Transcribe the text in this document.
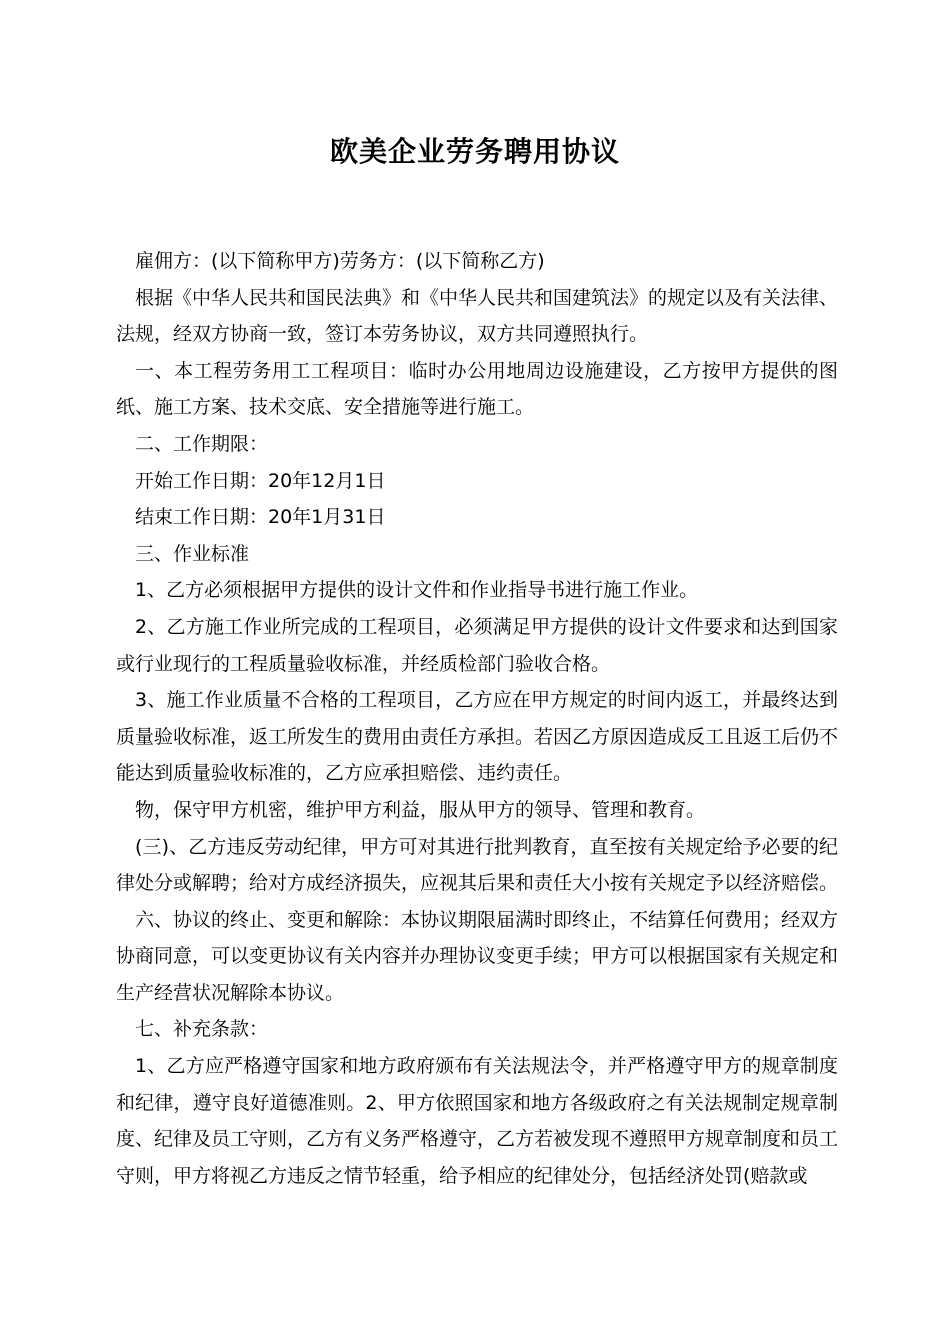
欧美企业劳务聘用协议

雇佣方：(以下简称甲方)劳务方：(以下简称乙方)

根据《中华人民共和国民法典》和《中华人民共和国建筑法》的规定以及有关法律、法规，经双方协商一致，签订本劳务协议，双方共同遵照执行。

一、本工程劳务用工工程项目：临时办公用地周边设施建设，乙方按甲方提供的图纸、施工方案、技术交底、安全措施等进行施工。

二、工作期限：

开始工作日期：20年12月1日

结束工作日期：20年1月31日

三、作业标准

1、乙方必须根据甲方提供的设计文件和作业指导书进行施工作业。

2、乙方施工作业所完成的工程项目，必须满足甲方提供的设计文件要求和达到国家或行业现行的工程质量验收标准，并经质检部门验收合格。

3、施工作业质量不合格的工程项目，乙方应在甲方规定的时间内返工，并最终达到质量验收标准，返工所发生的费用由责任方承担。若因乙方原因造成反工且返工后仍不能达到质量验收标准的，乙方应承担赔偿、违约责任。

物，保守甲方机密，维护甲方利益，服从甲方的领导、管理和教育。

(三)、乙方违反劳动纪律，甲方可对其进行批判教育，直至按有关规定给予必要的纪律处分或解聘；给对方成经济损失，应视其后果和责任大小按有关规定予以经济赔偿。

六、协议的终止、变更和解除：本协议期限届满时即终止，不结算任何费用；经双方协商同意，可以变更协议有关内容并办理协议变更手续；甲方可以根据国家有关规定和生产经营状况解除本协议。

七、补充条款：

1、乙方应严格遵守国家和地方政府颁布有关法规法令，并严格遵守甲方的规章制度和纪律，遵守良好道德准则。2、甲方依照国家和地方各级政府之有关法规制定规章制度、纪律及员工守则，乙方有义务严格遵守，乙方若被发现不遵照甲方规章制度和员工守则，甲方将视乙方违反之情节轻重，给予相应的纪律处分，包括经济处罚(赔款或
